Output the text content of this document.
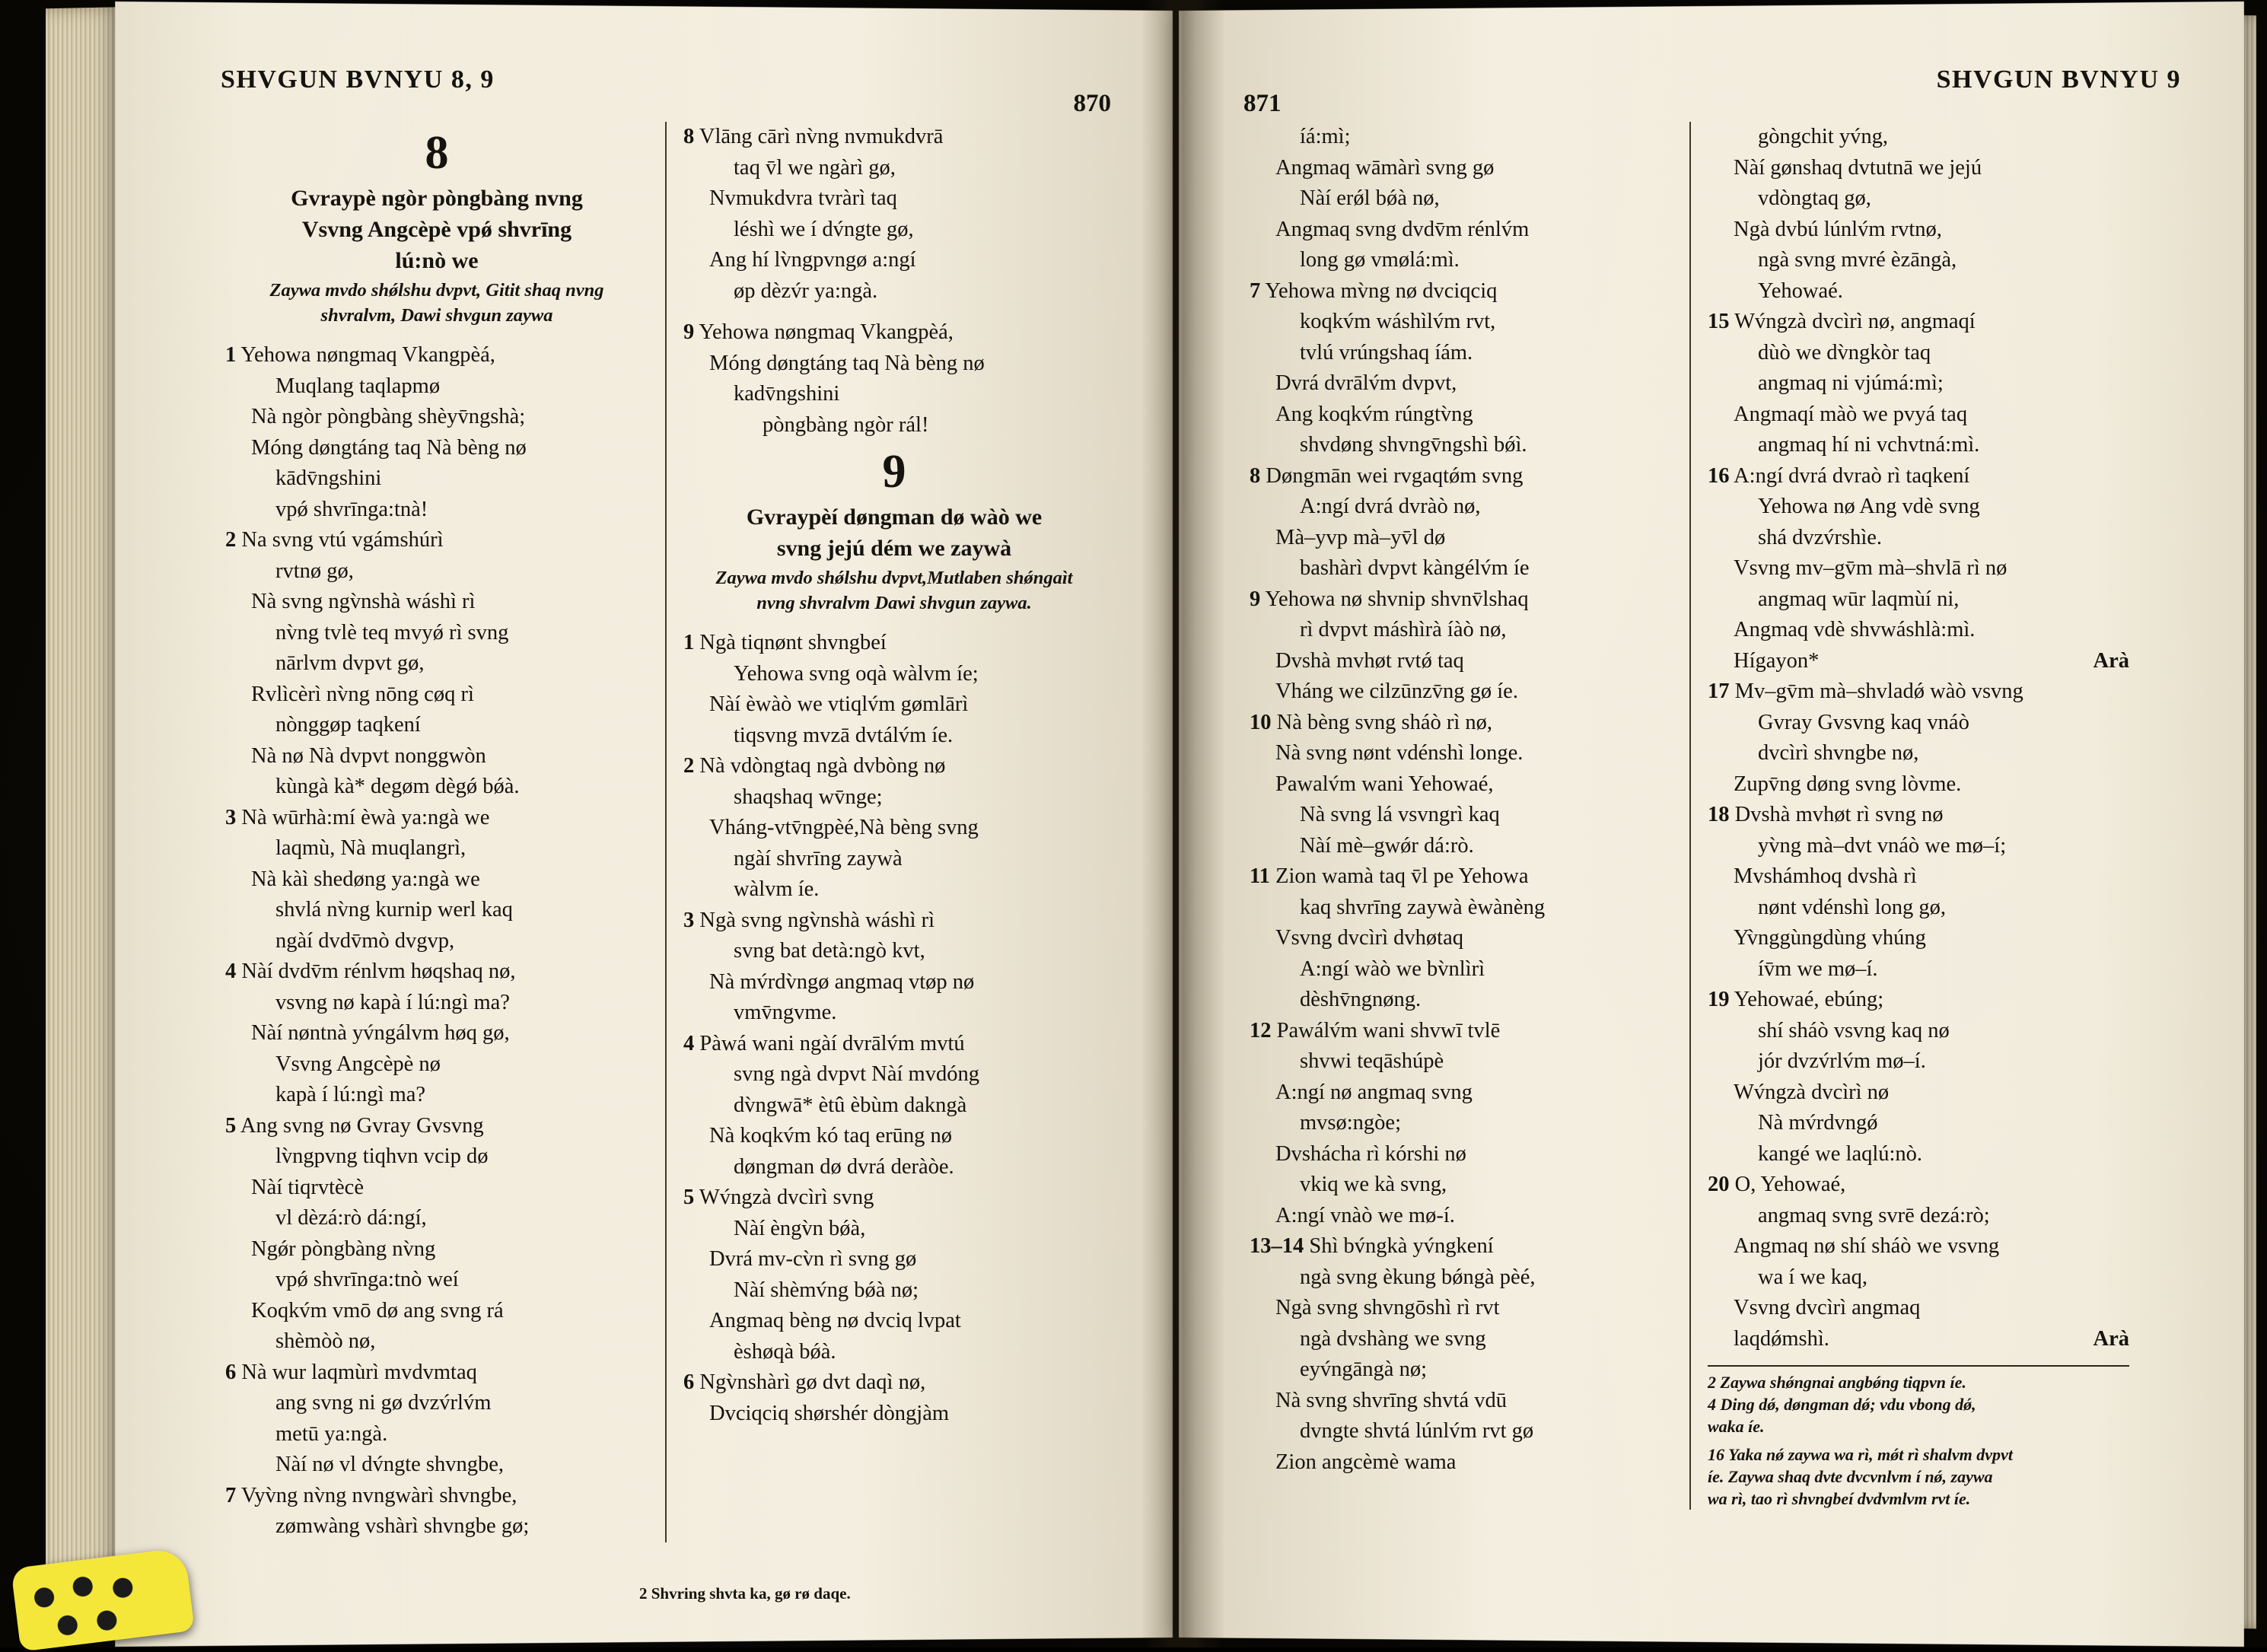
SHVGUN BVNYU 8, 9
870
8
Gvraypè ngòr pòngbàng nvng
Vsvng Angcèpè vpǿ shvrīng
lú:nò we
Zaywa mvdo shǿlshu dvpvt, Gitit shaq nvng
shvralvm, Dawi shvgun zaywa
1 Yehowa nøngmaq Vkangpèá,
Muqlang taqlapmø
Nà ngòr pòngbàng shèyv̄ngshà;
Móng døngtáng taq Nà bèng nø
kādv̄ngshini
vpǿ shvrīnga:tnà!
2 Na svng vtú vgámshúrì
rvtnø gø,
Nà svng ngv̀nshà wáshì rì
nv̀ng tvlè teq mvyǿ rì svng
nārlvm dvpvt gø,
Rvlìcèrì nv̀ng nōng cøq rì
nònggøp taqkení
Nà nø Nà dvpvt nonggwòn
kùngà kà* degøm dègǿ bǿà.
3 Nà wūrhà:mí èwà ya:ngà we
laqmù, Nà muqlangrì,
Nà kàì shedøng ya:ngà we
shvlá nv̀ng kurnip werl kaq
ngàí dvdv̄mò dvgvp,
4 Nàí dvdv̄m rénlvm høqshaq nø,
vsvng nø kapà í lú:ngì ma?
Nàí nøntnà yv́ngálvm høq gø,
Vsvng Angcèpè nø
kapà í lú:ngì ma?
5 Ang svng nø Gvray Gvsvng
lv̀ngpvng tiqhvn vcip dø
Nàí tiqrvtècè
vl dèzá:rò dá:ngí,
Ngǿr pòngbàng nv̀ng
vpǿ shvrīnga:tnò weí
Koqkv́m vmō dø ang svng rá
shèmòò nø,
6 Nà wur laqmùrì mvdvmtaq
ang svng ni gø dvzv́rlv́m
metū ya:ngà.
Nàí nø vl dv́ngte shvngbe,
7 Vyv̀ng nv̀ng nvngwàrì shvngbe,
zømwàng vshàrì shvngbe gø;
8 Vlāng cārì nv̀ng nvmukdvrā
taq v̄l we ngàrì gø,
Nvmukdvra tvràrì taq
léshì we í dv́ngte gø,
Ang hí lv̀ngpvngø a:ngí
øp dèzv́r ya:ngà.
9 Yehowa nøngmaq Vkangpèá,
Móng døngtáng taq Nà bèng nø
kadv̄ngshini
pòngbàng ngòr rál!
9
Gvraypèí døngman dø wàò we
svng jejú dém we zaywà
Zaywa mvdo shǿlshu dvpvt,Mutlaben shǿngaìt
nvng shvralvm Dawi shvgun zaywa.
1 Ngà tiqnønt shvngbeí
Yehowa svng oqà wàlvm íe;
Nàí èwàò we vtiqlv́m gømlārì
tiqsvng mvzā dvtálv́m íe.
2 Nà vdòngtaq ngà dvbòng nø
shaqshaq wv̄nge;
Vháng-vtv̄ngpèé,Nà bèng svng
ngàí shvrīng zaywà
wàlvm íe.
3 Ngà svng ngv̀nshà wáshì rì
svng bat detà:ngò kvt,
Nà mv́rdv̀ngø angmaq vtøp nø
vmv̄ngvme.
4 Pàwá wani ngàí dvrālv́m mvtú
svng ngà dvpvt Nàí mvdóng
dv̀ngwā* ètû èbùm dakngà
Nà koqkv́m kó taq erūng nø
døngman dø dvrá deràòe.
5 Wv́ngzà dvcìrì svng
Nàí èngv̀n bǿà,
Dvrá mv-cv̀n rì svng gø
Nàí shèmv́ng bǿà nø;
Angmaq bèng nø dvciq lvpat
èshøqà bǿà.
6 Ngv̀nshàrì gø dvt daqì nø,
Dvciqciq shørshér dòngjàm
2 Shvring shvta ka, gø rø daqe.
871
SHVGUN BVNYU 9
íá:mì;
Angmaq wāmàrì svng gø
Nàí erǿl bǿà nø,
Angmaq svng dvdv̄m rénlv́m
long gø vmølá:mì.
7 Yehowa mv̀ng nø dvciqciq
koqkv́m wáshìlv́m rvt,
tvlú vrúngshaq íám.
Dvrá dvrālv́m dvpvt,
Ang koqkv́m rúngtv̀ng
shvdøng shvngv̄ngshì bǿì.
8 Døngmān wei rvgaqtǿm svng
A:ngí dvrá dvràò nø,
Mà–yvp mà–yv̄l dø
bashàrì dvpvt kàngélv́m íe
9 Yehowa nø shvnip shvnv̄lshaq
rì dvpvt máshìrà íàò nø,
Dvshà mvhøt rvtǿ taq
Vháng we cilzūnzv̄ng gø íe.
10 Nà bèng svng sháò rì nø,
Nà svng nønt vdénshì longe.
Pawalv́m wani Yehowaé,
Nà svng lá vsvngrì kaq
Nàí mè–gwǿr dá:rò.
11 Zion wamà taq v̄l pe Yehowa
kaq shvrīng zaywà èwànèng
Vsvng dvcìrì dvhøtaq
A:ngí wàò we bv̀nlìrì
dèshv̄ngnøng.
12 Pawálv́m wani shvwī tvlē
shvwi teqāshúpè
A:ngí nø angmaq svng
mvsø:ngòe;
Dvshácha rì kórshi nø
vkiq we kà svng,
A:ngí vnàò we mø-í.
13–14 Shì bv́ngkà yv́ngkení
ngà svng èkung bǿngà pèé,
Ngà svng shvngōshì rì rvt
ngà dvshàng we svng
eyv́ngāngà nø;
Nà svng shvrīng shvtá vdū
dvngte shvtá lúnlv́m rvt gø
Zion angcèmè wama
gòngchit yv́ng,
Nàí gønshaq dvtutnā we jejú
vdòngtaq gø,
Ngà dvbú lúnlv́m rvtnø,
ngà svng mvré èzāngà,
Yehowaé.
15 Wv́ngzà dvcìrì nø, angmaqí
dùò we dv̀ngkòr taq
angmaq ni vjúmá:mì;
Angmaqí màò we pvyá taq
angmaq hí ni vchvtná:mì.
16 A:ngí dvrá dvraò rì taqkení
Yehowa nø Ang vdè svng
shá dvzv́rshìe.
Vsvng mv–gv̄m mà–shvlā rì nø
angmaq wūr laqmùí ni,
Angmaq vdè shvwáshlà:mì.
Hígayon*	Arà
17 Mv–gv̄m mà–shvladǿ wàò vsvng
Gvray Gvsvng kaq vnáò
dvcìrì shvngbe nø,
Zupv̄ng døng svng lòvme.
18 Dvshà mvhøt rì svng nø
yv̀ng mà–dvt vnáò we mø–í;
Mvshámhoq dvshà rì
nønt vdénshì long gø,
Yv̀nggùngdùng vhúng
ív̄m we mø–í.
19 Yehowaé, ebúng;
shí sháò vsvng kaq nø
jór dvzv́rlv́m mø–í.
Wv́ngzà dvcìrì nø
Nà mv́rdvngǿ
kangé we laqlú:nò.
20 O, Yehowaé,
angmaq svng svrē dezá:rò;
Angmaq nø shí sháò we vsvng
wa í we kaq,
Vsvng dvcìrì angmaq
laqdǿmshì.	Arà
2 Zaywa shǿngnai angbǿng tiqpvn íe.
4 Ding dǿ, døngman dǿ; vdu vbong dǿ,
waka íe.
16 Yaka nǿ zaywa wa rì, mǿt rì shalvm dvpvt
íe. Zaywa shaq dvte dvcvnlvm í nǿ, zaywa
wa rì, tao rì shvngbeí dvdvmlvm rvt íe.
